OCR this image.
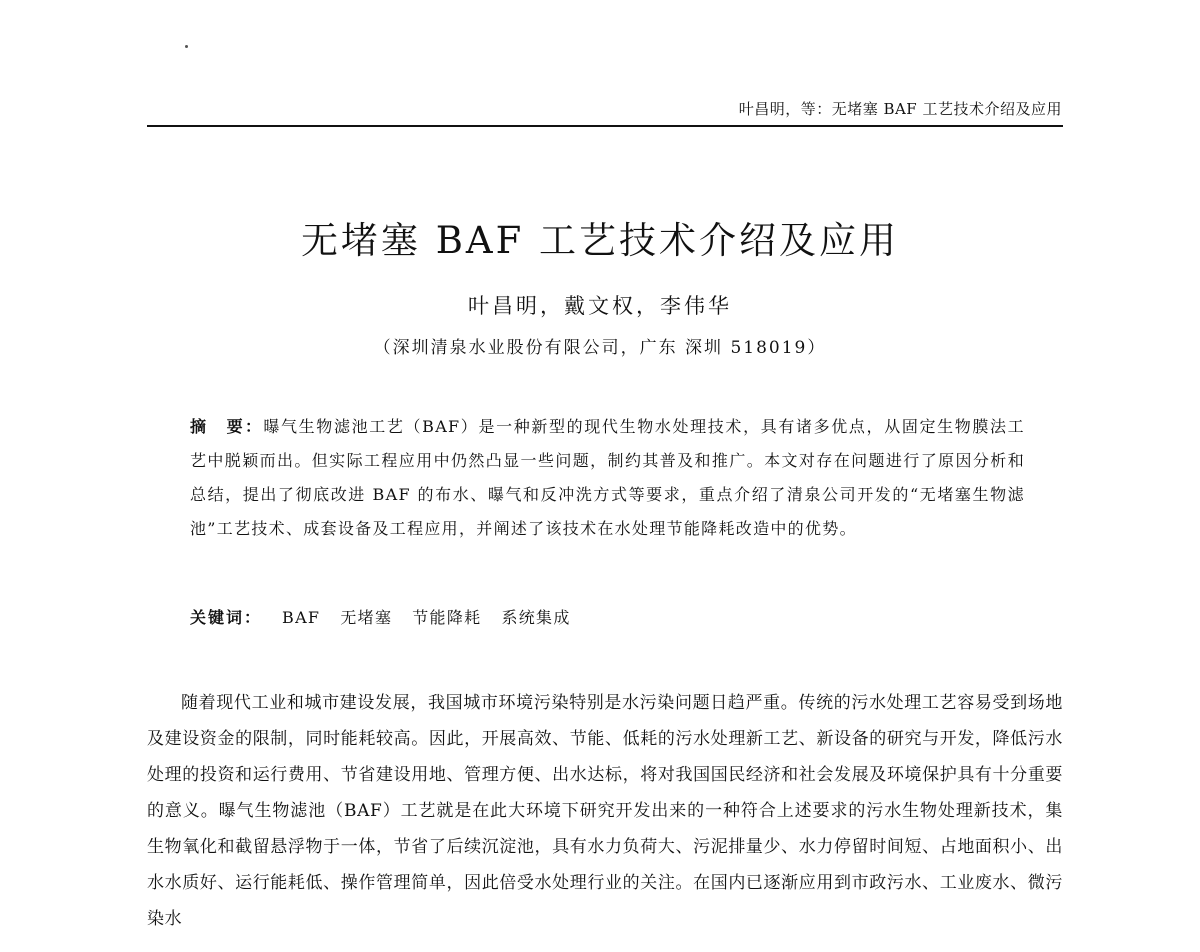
叶昌明，等：无堵塞 BAF 工艺技术介绍及应用
无堵塞 BAF 工艺技术介绍及应用
叶昌明，戴文权，李伟华
（深圳清泉水业股份有限公司，广东 深圳 518019）
摘　要：曝气生物滤池工艺（BAF）是一种新型的现代生物水处理技术，具有诸多优点，从固定生物膜法工艺中脱颖而出。但实际工程应用中仍然凸显一些问题，制约其普及和推广。本文对存在问题进行了原因分析和总结，提出了彻底改进 BAF 的布水、曝气和反冲洗方式等要求，重点介绍了清泉公司开发的“无堵塞生物滤池”工艺技术、成套设备及工程应用，并阐述了该技术在水处理节能降耗改造中的优势。
关键词： BAF 无堵塞 节能降耗 系统集成
随着现代工业和城市建设发展，我国城市环境污染特别是水污染问题日趋严重。传统的污水处理工艺容易受到场地及建设资金的限制，同时能耗较高。因此，开展高效、节能、低耗的污水处理新工艺、新设备的研究与开发，降低污水处理的投资和运行费用、节省建设用地、管理方便、出水达标，将对我国国民经济和社会发展及环境保护具有十分重要的意义。曝气生物滤池（BAF）工艺就是在此大环境下研究开发出来的一种符合上述要求的污水生物处理新技术，集生物氧化和截留悬浮物于一体，节省了后续沉淀池，具有水力负荷大、污泥排量少、水力停留时间短、占地面积小、出水水质好、运行能耗低、操作管理简单，因此倍受水处理行业的关注。在国内已逐渐应用到市政污水、工业废水、微污染水
